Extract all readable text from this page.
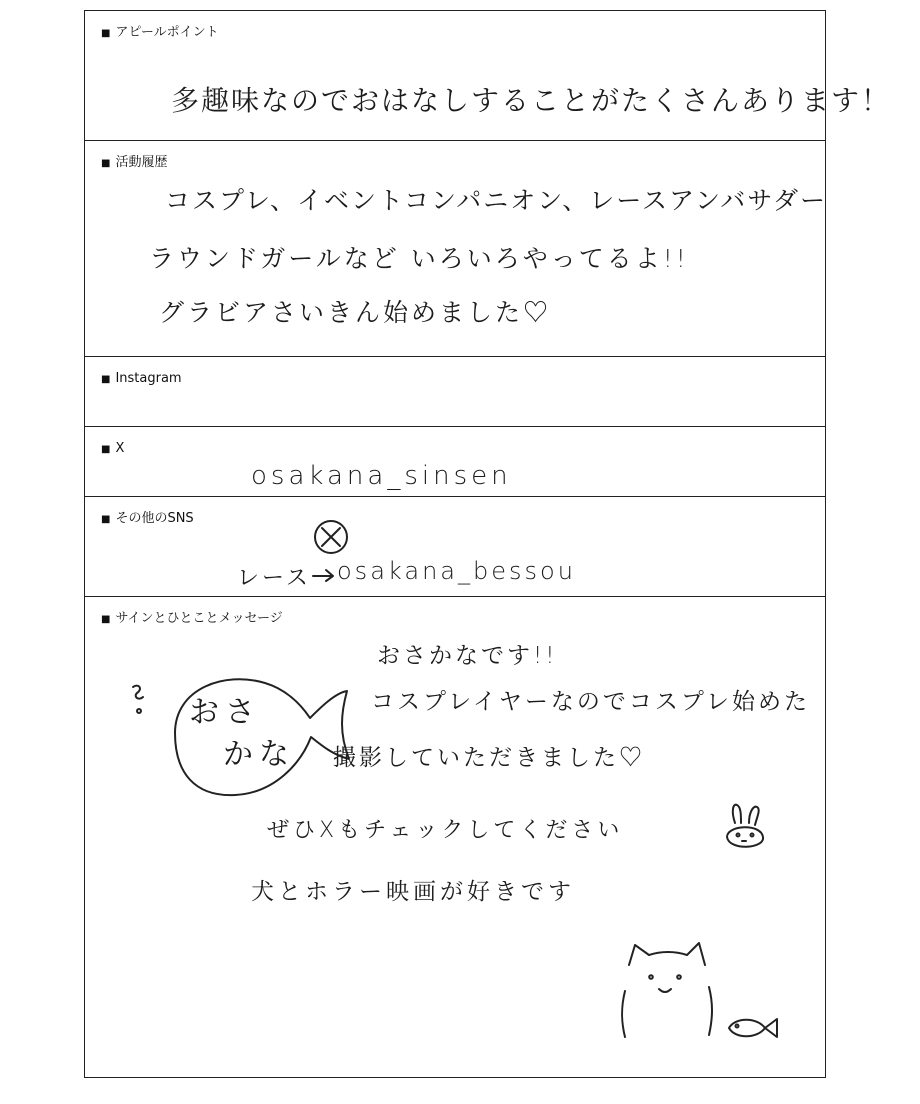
■ アピールポイント
多趣味なのでおはなしすることがたくさんあります！
■ 活動履歴
コスプレ、イベントコンパニオン、レースアンバサダー
ラウンドガールなど いろいろやってるよ!!
グラビアさいきん始めました♡
■ Instagram
■ X
osakana_sinsen
■ その他のSNS
レース osakana_bessou
■ サインとひとことメッセージ
おさ
かな
おさかなです!!
コスプレイヤーなのでコスプレ始めた
撮影していただきました♡
ぜひXもチェックしてください
犬とホラー映画が好きです
